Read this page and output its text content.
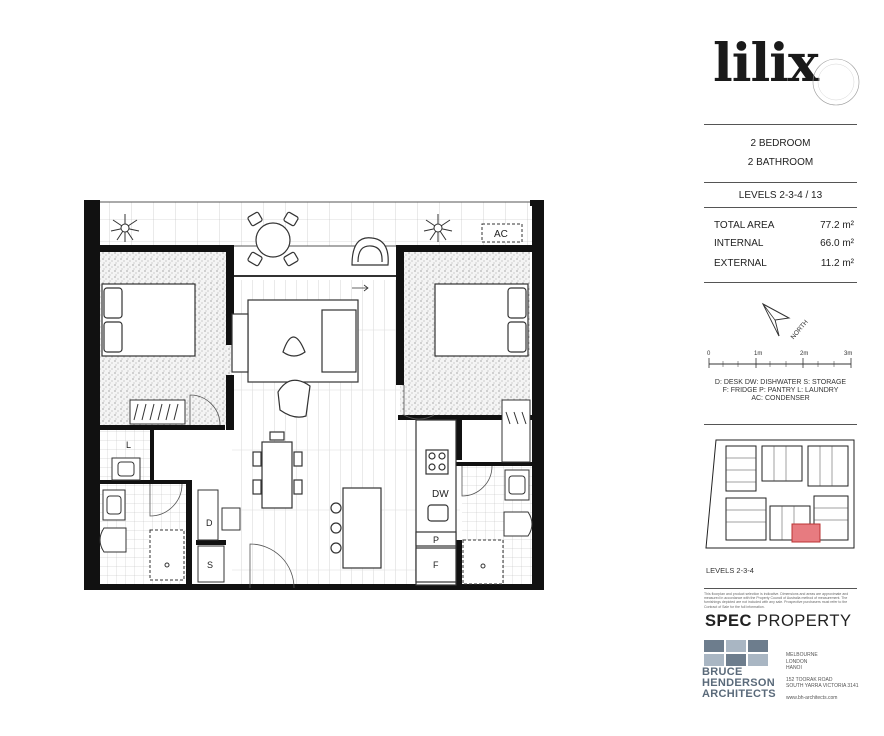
AC
DW
P
F
L
D
S
lilix
2 BEDROOM
2 BATHROOM
LEVELS 2-3-4 / 13
TOTAL AREA	77.2 m²
INTERNAL	66.0 m²
EXTERNAL	11.2 m²
NORTH
0	1m	2m	3m
D: DESK DW: DISHWATER S: STORAGE
F: FRIDGE P: PANTRY L: LAUNDRY
AC: CONDENSER
LEVELS 2-3-4
This floorplan and product selection is indicative. Dimensions and areas are approximate and measured in accordance with the Property Council of Australia method of measurement. The furnishings depicted are not included with any sale. Prospective purchasers must refer to the Contract of Sale for the full information.
SPEC PROPERTY
BRUCE
HENDERSON
ARCHITECTS
MELBOURNE
LONDON
HANOI
152 TOORAK ROAD
SOUTH YARRA VICTORIA 3141
www.bh-architects.com
